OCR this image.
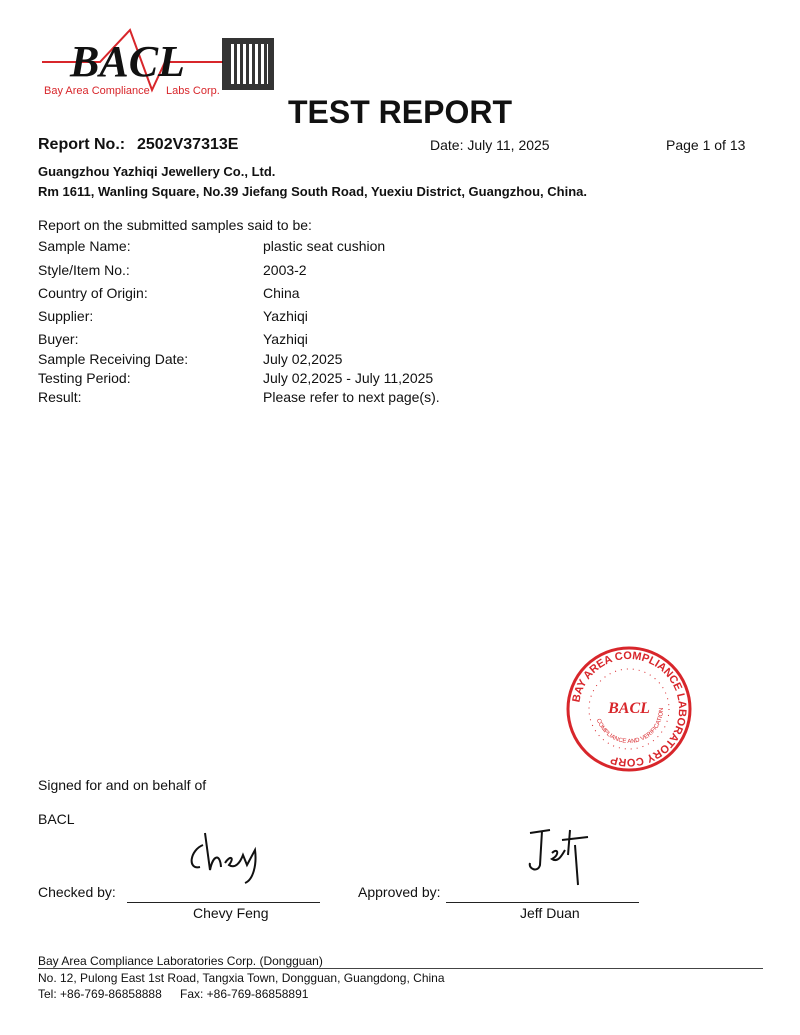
BACL
Bay Area Compliance Labs Corp.
TEST REPORT
Report No.: 2502V37313E	Date: July 11, 2025	Page 1 of 13
Guangzhou Yazhiqi Jewellery Co., Ltd.
Rm 1611, Wanling Square, No.39 Jiefang South Road, Yuexiu District, Guangzhou, China.
Report on the submitted samples said to be:
Sample Name:	plastic seat cushion
Style/Item No.:	2003-2
Country of Origin:	China
Supplier:	Yazhiqi
Buyer:	Yazhiqi
Sample Receiving Date:	July 02,2025
Testing Period:	July 02,2025 - July 11,2025
Result:	Please refer to next page(s).
BAY AREA COMPLIANCE LABORATORY CORP
COMPLIANCE AND VERIFICATION
BACL
Signed for and on behalf of
BACL
Checked by:
Chevy Feng
Approved by:
Jeff Duan
Bay Area Compliance Laboratories Corp. (Dongguan)
No. 12, Pulong East 1st Road, Tangxia Town, Dongguan, Guangdong, China
Tel: +86-769-86858888 Fax: +86-769-86858891
